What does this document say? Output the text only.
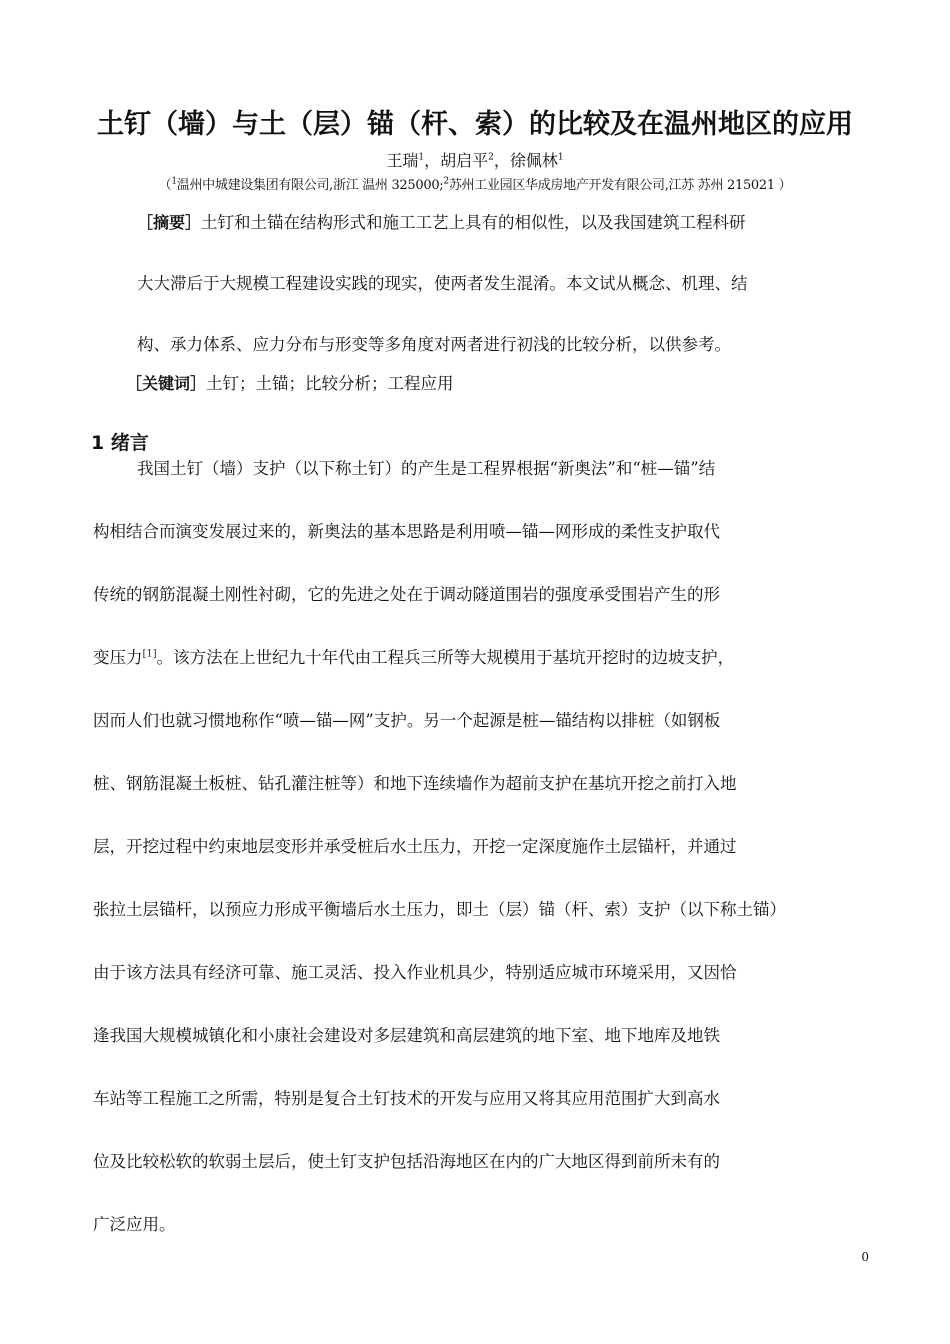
土钉（墙）与土（层）锚（杆、索）的比较及在温州地区的应用
王瑞$^1$，胡启平$^2$，徐佩林$^1$
（$^1$温州中城建设集团有限公司,浙江 温州 325000;$^2$苏州工业园区华成房地产开发有限公司,江苏 苏州 215021 ）
［摘要］土钉和土锚在结构形式和施工工艺上具有的相似性，以及我国建筑工程科研
大大滞后于大规模工程建设实践的现实，使两者发生混淆。本文试从概念、机理、结
构、承力体系、应力分布与形变等多角度对两者进行初浅的比较分析，以供参考。
［关键词］土钉；土锚；比较分析；工程应用
1 绪言
我国土钉（墙）支护（以下称土钉）的产生是工程界根据“新奥法”和“桩—锚”结
构相结合而演变发展过来的，新奥法的基本思路是利用喷—锚—网形成的柔性支护取代
传统的钢筋混凝土刚性衬砌，它的先进之处在于调动隧道围岩的强度承受围岩产生的形
变压力[1]。该方法在上世纪九十年代由工程兵三所等大规模用于基坑开挖时的边坡支护，
因而人们也就习惯地称作“喷—锚—网”支护。另一个起源是桩—锚结构以排桩（如钢板
桩、钢筋混凝土板桩、钻孔灌注桩等）和地下连续墙作为超前支护在基坑开挖之前打入地
层，开挖过程中约束地层变形并承受桩后水土压力，开挖一定深度施作土层锚杆，并通过
张拉土层锚杆，以预应力形成平衡墙后水土压力，即土（层）锚（杆、索）支护（以下称土锚）
由于该方法具有经济可靠、施工灵活、投入作业机具少，特别适应城市环境采用，又因恰
逢我国大规模城镇化和小康社会建设对多层建筑和高层建筑的地下室、地下地库及地铁
车站等工程施工之所需，特别是复合土钉技术的开发与应用又将其应用范围扩大到高水
位及比较松软的软弱土层后，使土钉支护包括沿海地区在内的广大地区得到前所未有的
广泛应用。
0
